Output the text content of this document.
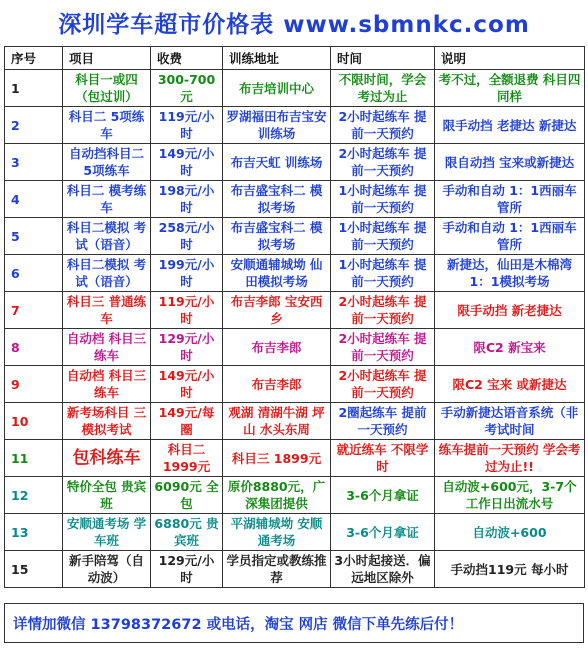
深圳学车超市价格表 www.sbmnkc.com
序号	项目	收费	训练地址	时间	说明
1	科目一或四（包过训）	300-700元	布吉培训中心	不限时间，学会考过为止	考不过，全额退费 科目四同样
2	科目二 5项练车	119元/小时	罗湖福田布吉宝安训练场	2小时起练车 提前一天预约	限手动挡 老捷达 新捷达
3	自动挡科目二5项练车	149元/小时	布吉天虹 训练场	2小时起练车 提前一天预约	限自动挡 宝来或新捷达
4	科目二 模考练车	198元/小时	布吉盛宝科二 模拟考场	1小时起练车 提前一天预约	手动和自动 1：1西丽车管所
5	科目二模拟 考试（语音）	258元/小时	布吉盛宝科二 模拟考场	1小时起练车 提前一天预约	手动和自动 1：1西丽车管所
6	科目二模拟 考试（语音）	199元/小时	安顺通辅城坳 仙田模拟考场	1小时起练车 提前一天预约	新捷达，仙田是木棉湾1：1模拟考场
7	科目三 普通练车	119元/小时	布吉李郎 宝安西乡	2小时起练车 提前一天预约	限手动挡 新老捷达
8	自动档 科目三练车	129元/小时	布吉李郎	2小时起练车 提前一天预约	限C2 新宝来
9	自动档 科目三练车	149元/小时	布吉李郎	2小时起练车 提前一天预约	限C2 宝来 或新捷达
10	新考场科目 三模拟考试	149元/每圈	观湖 清湖牛湖 坪山 水头东周	2圈起练车 提前一天预约	手动新捷达语音系统（非考试时间
11	包科练车	科目二 1999元	科目三 1899元	就近练车 不限学时	练车提前一天预约 学会考过为止!!
12	特价全包 贵宾班	6090元 全包	原价8880元，广深集团提供	3-6个月拿证	自动波+600元，3-7个工作日出流水号
13	安顺通考场 学车班	6880元 贵宾班	平湖辅城坳 安顺通考场	3-6个月拿证	自动波+600
15	新手陪驾（自动波）	129元/小时	学员指定或教练推荐	3小时起接送．偏远地区除外	手动挡119元 每小时
详情加微信 13798372672 或电话，淘宝 网店 微信下单先练后付！
